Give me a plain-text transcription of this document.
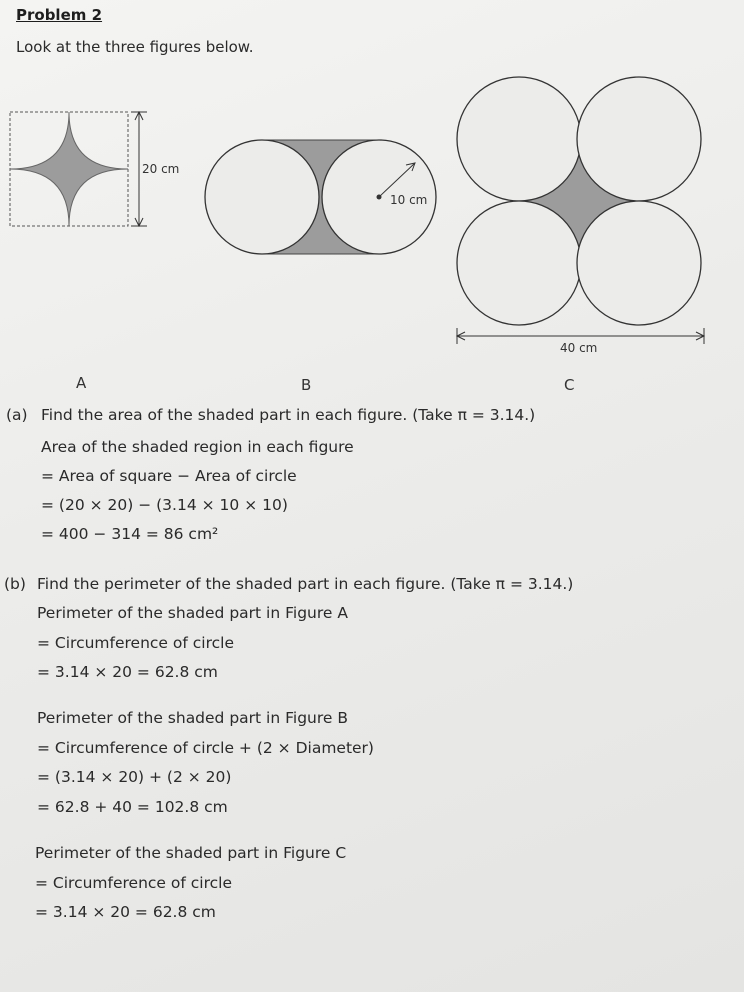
Problem 2
Look at the three figures below.
20 cm
10 cm
40 cm
A	B	C
(a) Find the area of the shaded part in each figure. (Take π = 3.14.)
Area of the shaded region in each figure
= Area of square − Area of circle
= (20 × 20) − (3.14 × 10 × 10)
= 400 − 314 = 86 cm²
(b) Find the perimeter of the shaded part in each figure. (Take π = 3.14.)
Perimeter of the shaded part in Figure A
= Circumference of circle
= 3.14 × 20 = 62.8 cm
Perimeter of the shaded part in Figure B
= Circumference of circle + (2 × Diameter)
= (3.14 × 20) + (2 × 20)
= 62.8 + 40 = 102.8 cm
Perimeter of the shaded part in Figure C
= Circumference of circle
= 3.14 × 20 = 62.8 cm
